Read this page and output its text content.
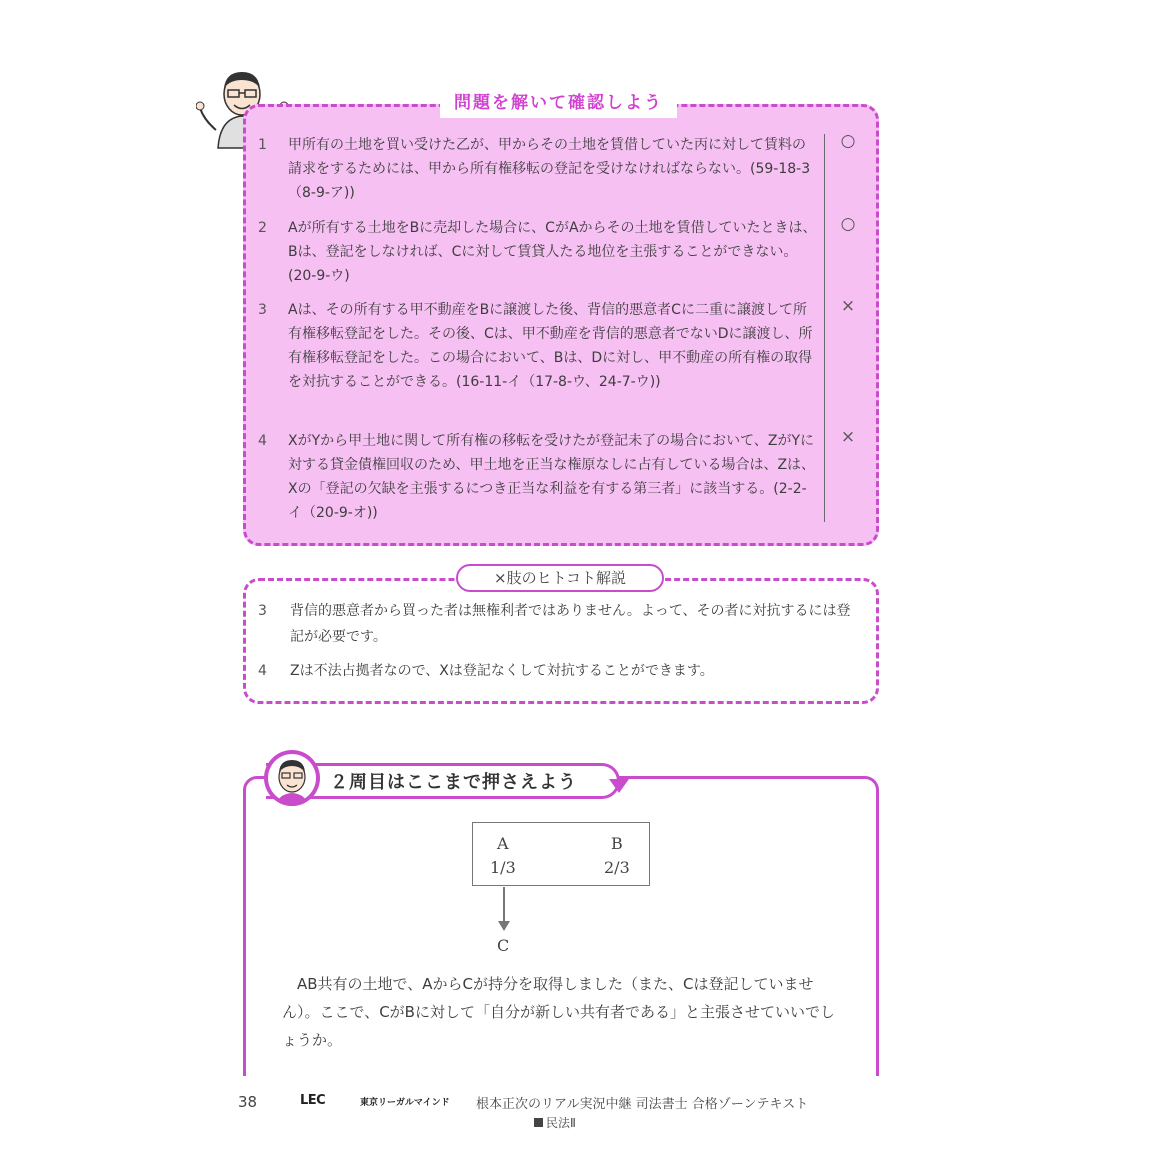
問題を解いて確認しよう
1	甲所有の土地を買い受けた乙が、甲からその土地を賃借していた丙に対して賃料の請求をするためには、甲から所有権移転の登記を受けなければならない。(59-18-3（8-9-ア))
○
2	Aが所有する土地をBに売却した場合に、CがAからその土地を賃借していたときは、Bは、登記をしなければ、Cに対して賃貸人たる地位を主張することができない。(20-9-ウ)
○
3	Aは、その所有する甲不動産をBに譲渡した後、背信的悪意者Cに二重に譲渡して所有権移転登記をした。その後、Cは、甲不動産を背信的悪意者でないDに譲渡し、所有権移転登記をした。この場合において、Bは、Dに対し、甲不動産の所有権の取得を対抗することができる。(16-11-イ（17-8-ウ、24-7-ウ))
×
4	XがYから甲土地に関して所有権の移転を受けたが登記未了の場合において、ZがYに対する貸金債権回収のため、甲土地を正当な権原なしに占有している場合は、Zは、Xの「登記の欠缺を主張するにつき正当な利益を有する第三者」に該当する。(2-2-イ（20-9-オ))
×
×肢のヒトコト解説
3	背信的悪意者から買った者は無権利者ではありません。よって、その者に対抗するには登記が必要です。
4	Zは不法占拠者なので、Xは登記なくして対抗することができます。
２周目はここまで押さえよう
A
1/3
B
2/3
C
AB共有の土地で、AからCが持分を取得しました（また、Cは登記していません）。ここで、CがBに対して「自分が新しい共有者である」と主張させていいでしょうか。
38	LEC	東京リーガルマインド 根本正次のリアル実況中継 司法書士 合格ゾーンテキスト
民法Ⅱ
